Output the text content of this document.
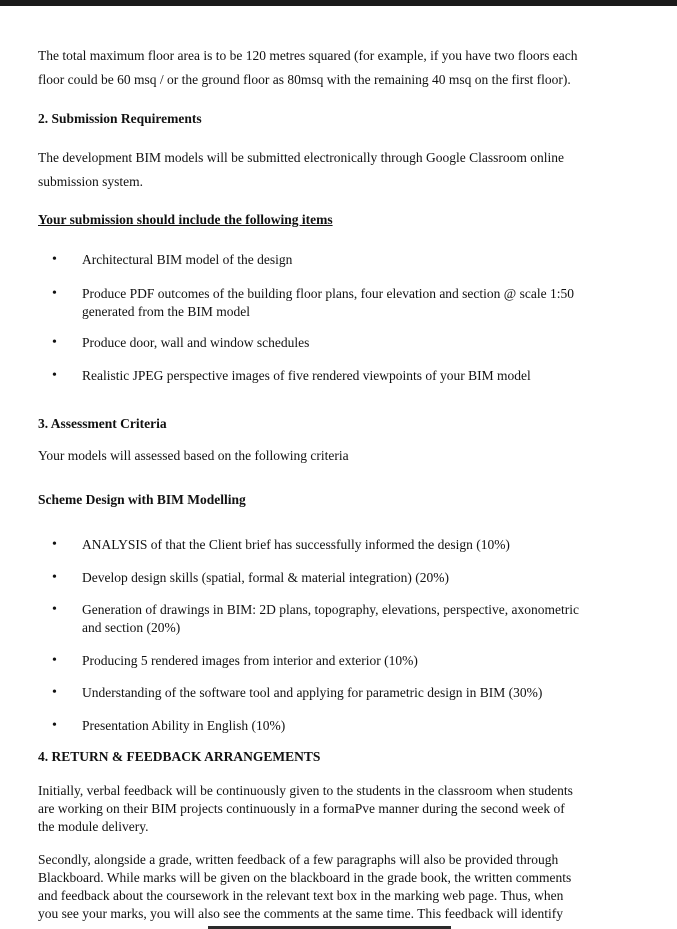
The total maximum floor area is to be 120 metres squared (for example, if you have two floors each
floor could be 60 msq / or the ground floor as 80msq with the remaining 40 msq on the first floor).
2. Submission Requirements
The development BIM models will be submitted electronically through Google Classroom online
submission system.
Your submission should include the following items
• Architectural BIM model of the design
• Produce PDF outcomes of the building floor plans, four elevation and section @ scale 1:50
generated from the BIM model
• Produce door, wall and window schedules
• Realistic JPEG perspective images of five rendered viewpoints of your BIM model
3. Assessment Criteria
Your models will assessed based on the following criteria
Scheme Design with BIM Modelling
• ANALYSIS of that the Client brief has successfully informed the design (10%)
• Develop design skills (spatial, formal & material integration) (20%)
• Generation of drawings in BIM: 2D plans, topography, elevations, perspective, axonometric
and section (20%)
• Producing 5 rendered images from interior and exterior (10%)
• Understanding of the software tool and applying for parametric design in BIM (30%)
• Presentation Ability in English (10%)
4. RETURN & FEEDBACK ARRANGEMENTS
Initially, verbal feedback will be continuously given to the students in the classroom when students
are working on their BIM projects continuously in a formaPve manner during the second week of
the module delivery.
Secondly, alongside a grade, written feedback of a few paragraphs will also be provided through
Blackboard. While marks will be given on the blackboard in the grade book, the written comments
and feedback about the coursework in the relevant text box in the marking web page. Thus, when
you see your marks, you will also see the comments at the same time. This feedback will identify
